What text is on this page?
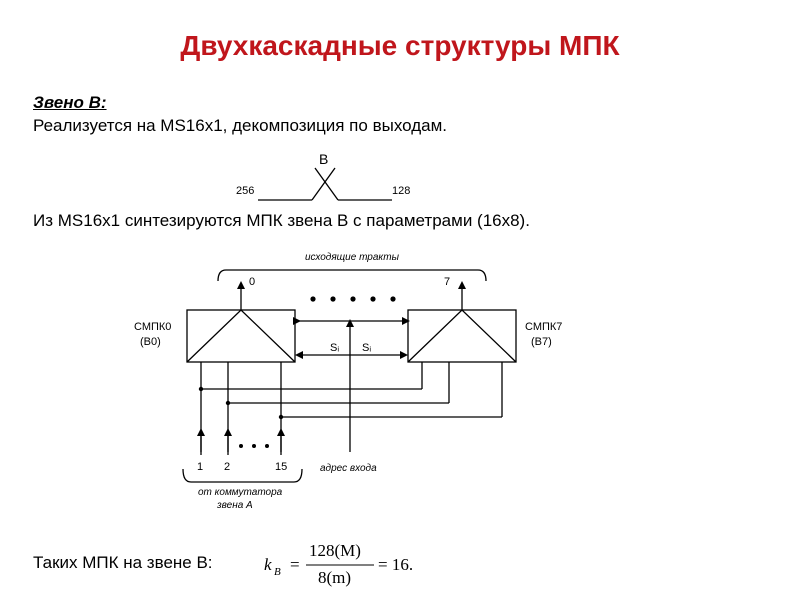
Двухкаскадные структуры МПК
Звено В:
Реализуется на MS16x1, декомпозиция по выходам.
Из MS16x1 синтезируются МПК звена В с параметрами (16x8).
Таких МПК на звене В:
B
256	128
исходящие тракты
0	7
СМПК0
(В0)
СМПК7
(В7)
Sᵢ Sᵢ
адрес входа
1 2	15
от коммутатора
звена А
k B =
128(M)
8(m)
= 16.
